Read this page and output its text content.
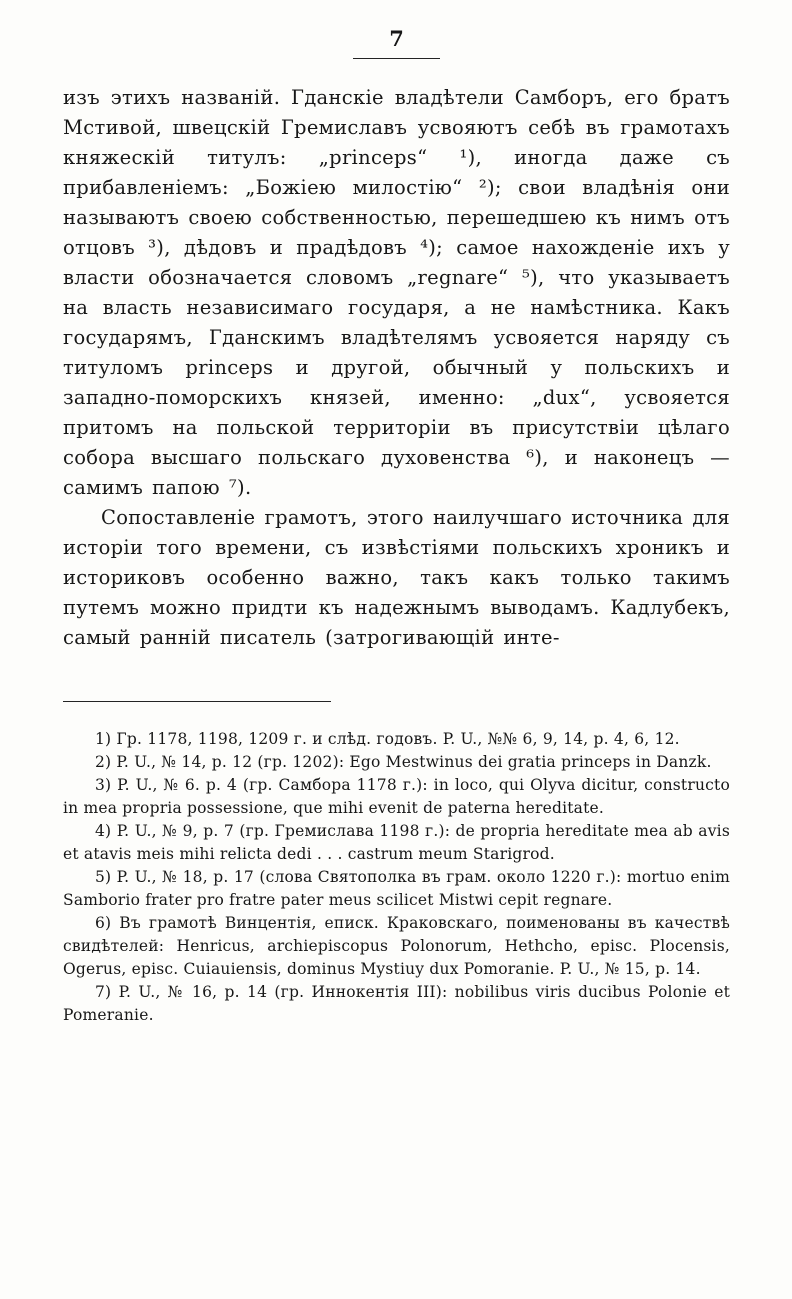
7

изъ этихъ названій. Гданскіе владѣтели Самборъ, его братъ Мстивой, швецскій Гремиславъ усвояютъ себѣ въ грамотахъ княжескій титулъ: „princeps“ ¹), иногда даже съ прибавленіемъ: „Божіею милостію“ ²); свои владѣнія они называютъ своею собственностью, перешедшею къ нимъ отъ отцовъ ³), дѣдовъ и прадѣдовъ ⁴); самое нахожденіе ихъ у власти обозначается словомъ „regnare“ ⁵), что указываетъ на власть независимаго государя, а не намѣстника. Какъ государямъ, Гданскимъ владѣтелямъ усвояется наряду съ титуломъ princeps и другой, обычный у польскихъ и западно-поморскихъ князей, именно: „dux“, усвояется притомъ на польской территоріи въ присутствіи цѣлаго собора высшаго польскаго духовенства ⁶), и наконецъ — самимъ папою ⁷).

Сопоставленіе грамотъ, этого наилучшаго источника для исторіи того времени, съ извѣстіями польскихъ хроникъ и историковъ особенно важно, такъ какъ только такимъ путемъ можно придти къ надежнымъ выводамъ. Кадлубекъ, самый ранній писатель (затрогивающій инте-

1) Гр. 1178, 1198, 1209 г. и слѣд. годовъ. P. U., №№ 6, 9, 14, p. 4, 6, 12.

2) P. U., № 14, p. 12 (гр. 1202): Ego Mestwinus dei gratia princeps in Danzk.

3) P. U., № 6. p. 4 (гр. Самбора 1178 г.): in loco, qui Olyva dicitur, constructo in mea propria possessione, que mihi evenit de paterna hereditate.

4) P. U., № 9, p. 7 (гр. Гремислава 1198 г.): de propria hereditate mea ab avis et atavis meis mihi relicta dedi . . . castrum meum Starigrod.

5) P. U., № 18, p. 17 (слова Святополка въ грам. около 1220 г.): mortuo enim Samborio frater pro fratre pater meus scilicet Mistwi cepit regnare.

6) Въ грамотѣ Винцентія, еписк. Краковскаго, поименованы въ качествѣ свидѣтелей: Henricus, archiepiscopus Polonorum, Hethcho, episc. Plocensis, Ogerus, episc. Cuiauiensis, dominus Mystiuy dux Pomoranie. P. U., № 15, p. 14.

7) P. U., № 16, p. 14 (гр. Иннокентія III): nobilibus viris ducibus Polonie et Pomeranie.
